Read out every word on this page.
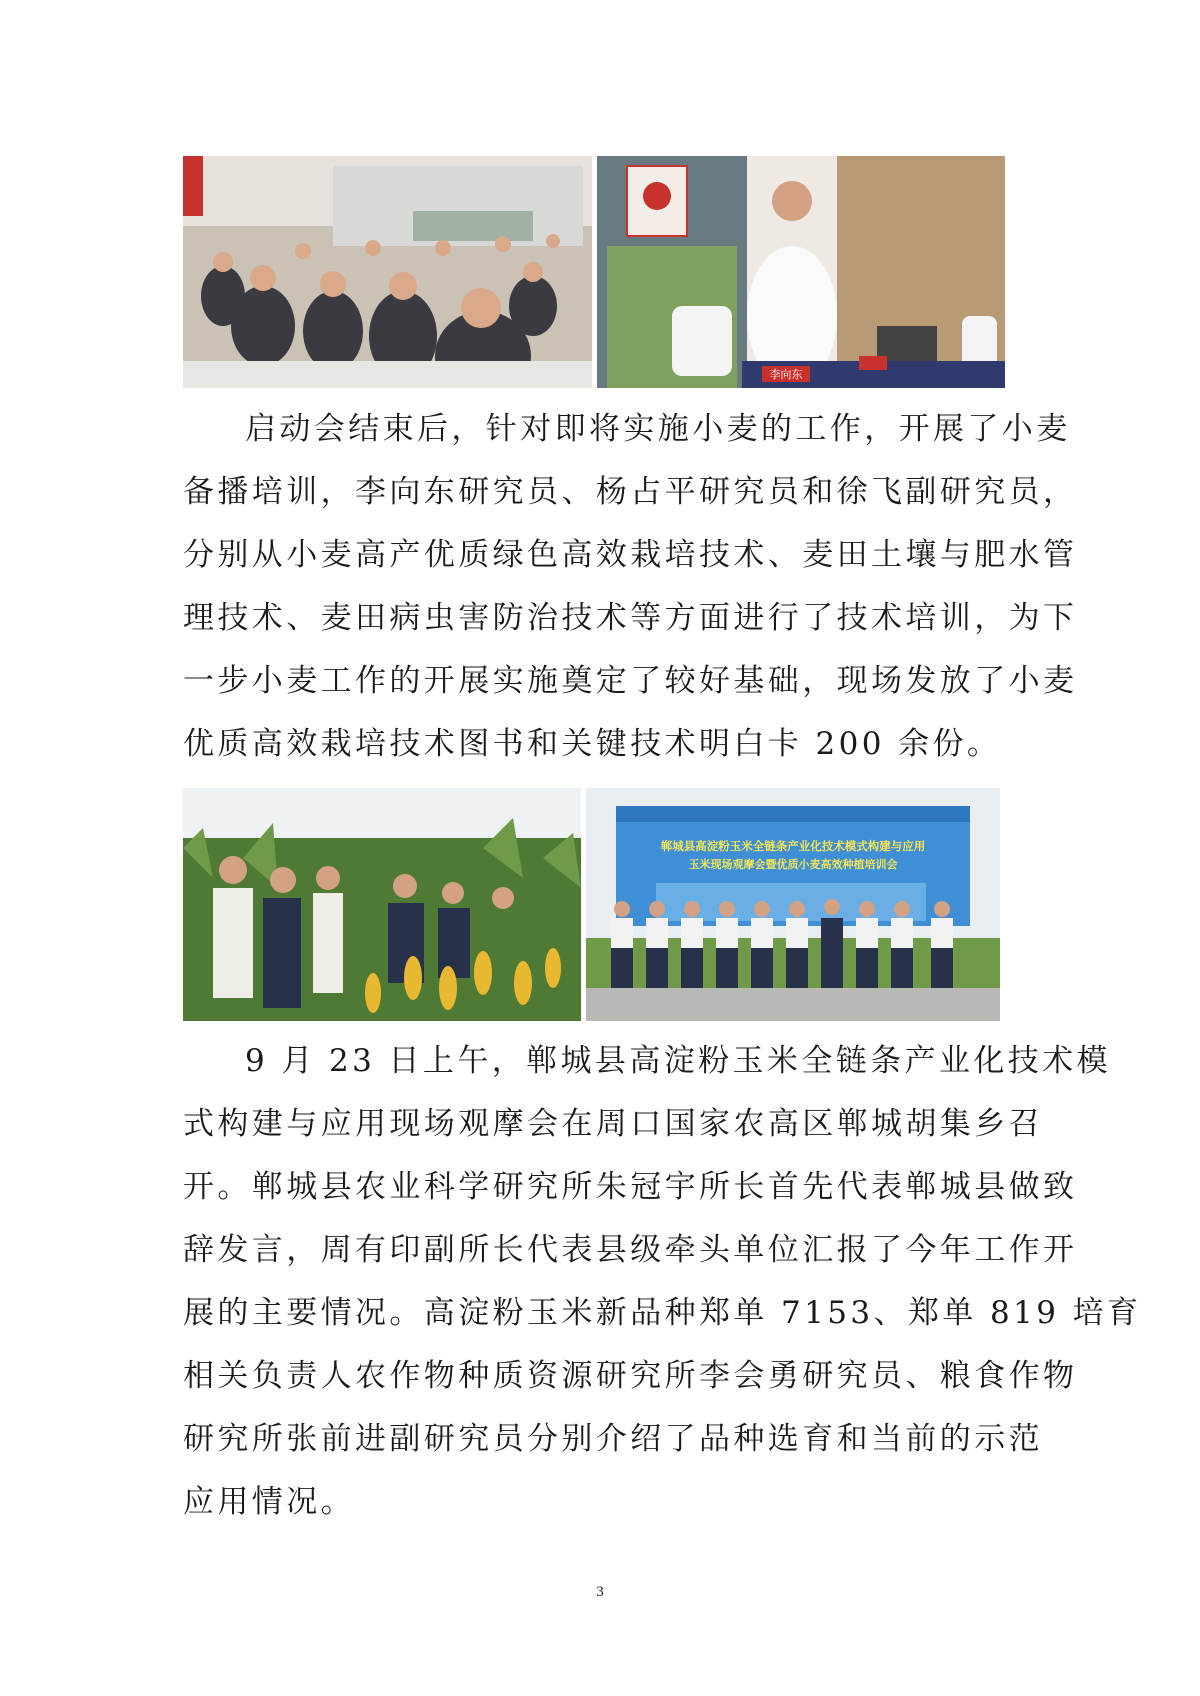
李向东
启动会结束后，针对即将实施小麦的工作，开展了小麦
备播培训，李向东研究员、杨占平研究员和徐飞副研究员，
分别从小麦高产优质绿色高效栽培技术、麦田土壤与肥水管
理技术、麦田病虫害防治技术等方面进行了技术培训，为下
一步小麦工作的开展实施奠定了较好基础，现场发放了小麦
优质高效栽培技术图书和关键技术明白卡 200 余份。
郸城县高淀粉玉米全链条产业化技术模式构建与应用
玉米现场观摩会暨优质小麦高效种植培训会
9 月 23 日上午，郸城县高淀粉玉米全链条产业化技术模
式构建与应用现场观摩会在周口国家农高区郸城胡集乡召
开。郸城县农业科学研究所朱冠宇所长首先代表郸城县做致
辞发言，周有印副所长代表县级牵头单位汇报了今年工作开
展的主要情况。高淀粉玉米新品种郑单 7153、郑单 819 培育
相关负责人农作物种质资源研究所李会勇研究员、粮食作物
研究所张前进副研究员分别介绍了品种选育和当前的示范
应用情况。
3
